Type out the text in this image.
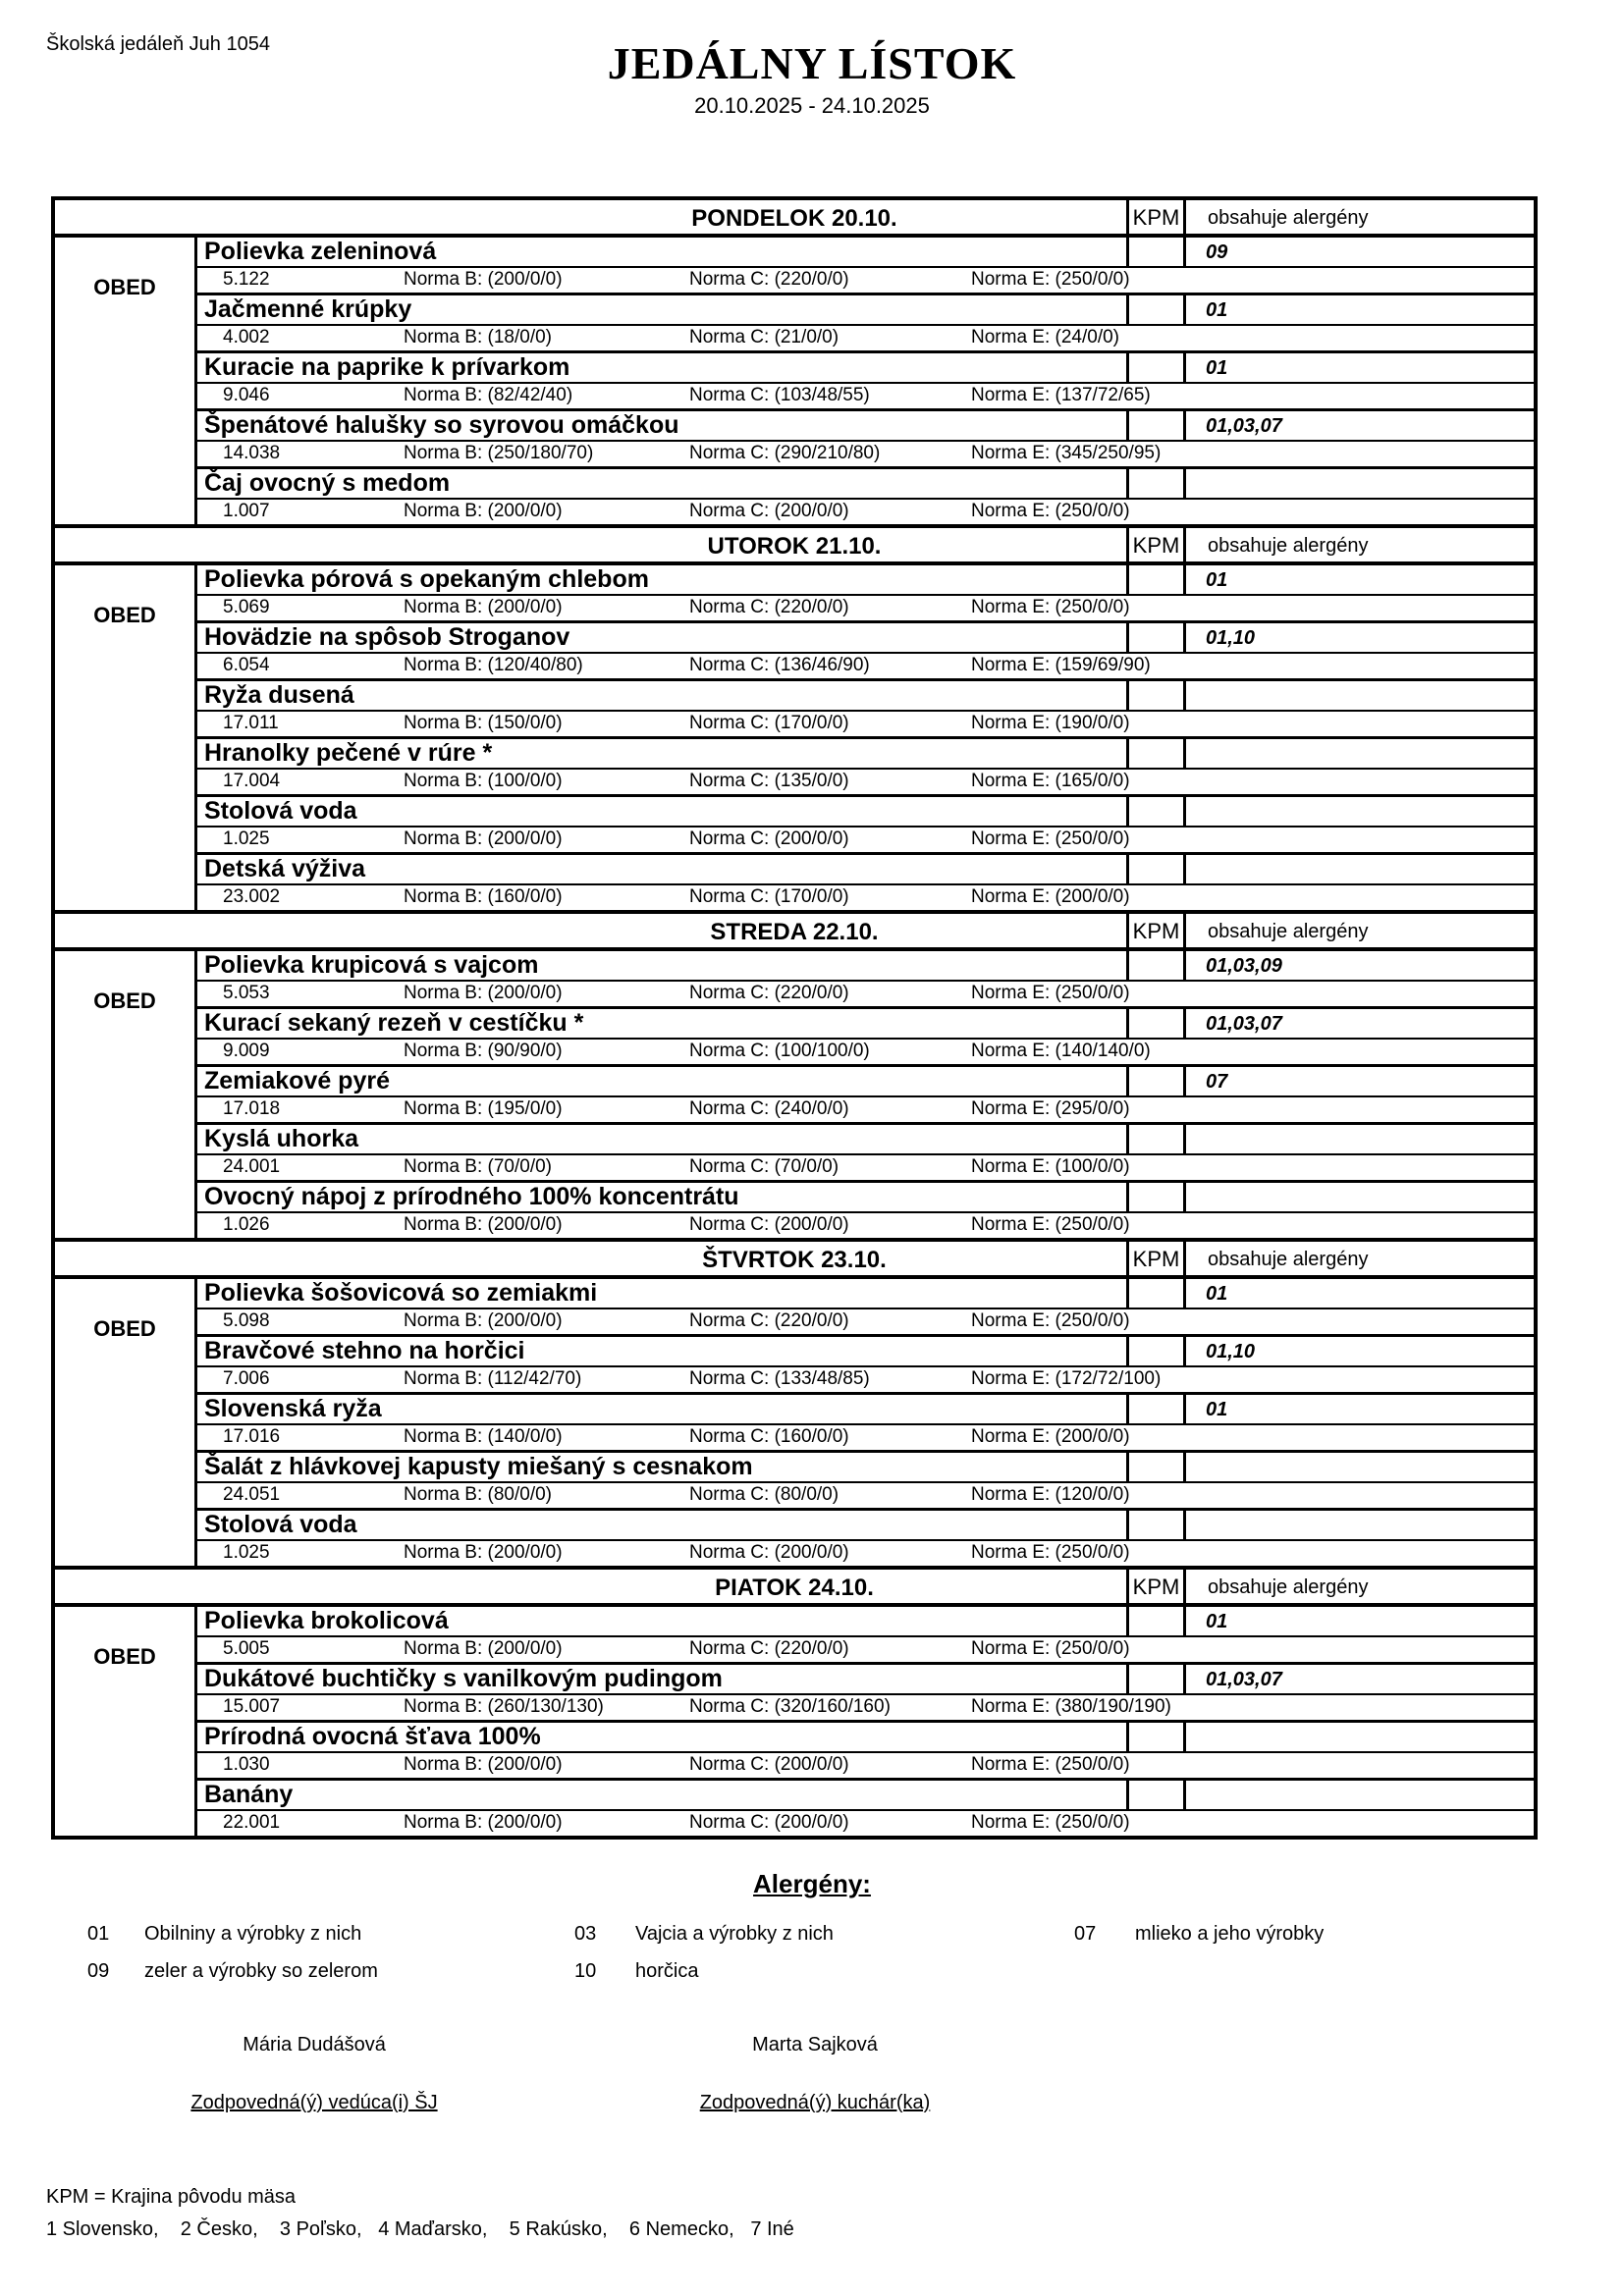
Školská jedáleň Juh 1054	JEDÁLNY LÍSTOK
20.10.2025 - 24.10.2025
KPM	obsahuje alergény
PONDELOK 20.10.
OBED
Polievka zeleninová	09
5.122	Norma B: (200/0/0)	Norma C: (220/0/0)	Norma E: (250/0/0)
Jačmenné krúpky	01
4.002	Norma B: (18/0/0)	Norma C: (21/0/0)	Norma E: (24/0/0)
Kuracie na paprike k prívarkom	01
9.046	Norma B: (82/42/40)	Norma C: (103/48/55)	Norma E: (137/72/65)
Špenátové halušky so syrovou omáčkou	01,03,07
14.038	Norma B: (250/180/70)	Norma C: (290/210/80)	Norma E: (345/250/95)
Čaj ovocný s medom
1.007	Norma B: (200/0/0)	Norma C: (200/0/0)	Norma E: (250/0/0)
KPM	obsahuje alergény
UTOROK 21.10.
OBED
Polievka pórová s opekaným chlebom	01
5.069	Norma B: (200/0/0)	Norma C: (220/0/0)	Norma E: (250/0/0)
Hovädzie na spôsob Stroganov	01,10
6.054	Norma B: (120/40/80)	Norma C: (136/46/90)	Norma E: (159/69/90)
Ryža dusená
17.011	Norma B: (150/0/0)	Norma C: (170/0/0)	Norma E: (190/0/0)
Hranolky pečené v rúre *
17.004	Norma B: (100/0/0)	Norma C: (135/0/0)	Norma E: (165/0/0)
Stolová voda
1.025	Norma B: (200/0/0)	Norma C: (200/0/0)	Norma E: (250/0/0)
Detská výživa
23.002	Norma B: (160/0/0)	Norma C: (170/0/0)	Norma E: (200/0/0)
KPM	obsahuje alergény
STREDA 22.10.
OBED
Polievka krupicová s vajcom	01,03,09
5.053	Norma B: (200/0/0)	Norma C: (220/0/0)	Norma E: (250/0/0)
Kurací sekaný rezeň v cestíčku *	01,03,07
9.009	Norma B: (90/90/0)	Norma C: (100/100/0)	Norma E: (140/140/0)
Zemiakové pyré	07
17.018	Norma B: (195/0/0)	Norma C: (240/0/0)	Norma E: (295/0/0)
Kyslá uhorka
24.001	Norma B: (70/0/0)	Norma C: (70/0/0)	Norma E: (100/0/0)
Ovocný nápoj z prírodného 100% koncentrátu
1.026	Norma B: (200/0/0)	Norma C: (200/0/0)	Norma E: (250/0/0)
KPM	obsahuje alergény
ŠTVRTOK 23.10.
OBED
Polievka šošovicová so zemiakmi	01
5.098	Norma B: (200/0/0)	Norma C: (220/0/0)	Norma E: (250/0/0)
Bravčové stehno na horčici	01,10
7.006	Norma B: (112/42/70)	Norma C: (133/48/85)	Norma E: (172/72/100)
Slovenská ryža	01
17.016	Norma B: (140/0/0)	Norma C: (160/0/0)	Norma E: (200/0/0)
Šalát z hlávkovej kapusty miešaný s cesnakom
24.051	Norma B: (80/0/0)	Norma C: (80/0/0)	Norma E: (120/0/0)
Stolová voda
1.025	Norma B: (200/0/0)	Norma C: (200/0/0)	Norma E: (250/0/0)
KPM	obsahuje alergény
PIATOK 24.10.
OBED
Polievka brokolicová	01
5.005	Norma B: (200/0/0)	Norma C: (220/0/0)	Norma E: (250/0/0)
Dukátové buchtičky s vanilkovým pudingom	01,03,07
15.007	Norma B: (260/130/130)	Norma C: (320/160/160)	Norma E: (380/190/190)
Prírodná ovocná šťava 100%
1.030	Norma B: (200/0/0)	Norma C: (200/0/0)	Norma E: (250/0/0)
Banány
22.001	Norma B: (200/0/0)	Norma C: (200/0/0)	Norma E: (250/0/0)
Alergény:
01	Obilniny a výrobky z nich	03	Vajcia a výrobky z nich	07	mlieko a jeho výrobky
09	zeler a výrobky so zelerom	10	horčica
Mária Dudášová
Zodpovedná(ý) vedúca(i) ŠJ
Marta Sajková
Zodpovedná(ý) kuchár(ka)
KPM = Krajina pôvodu mäsa
1 Slovensko,    2 Česko,    3 Poľsko,   4 Maďarsko,    5 Rakúsko,    6 Nemecko,   7 Iné
